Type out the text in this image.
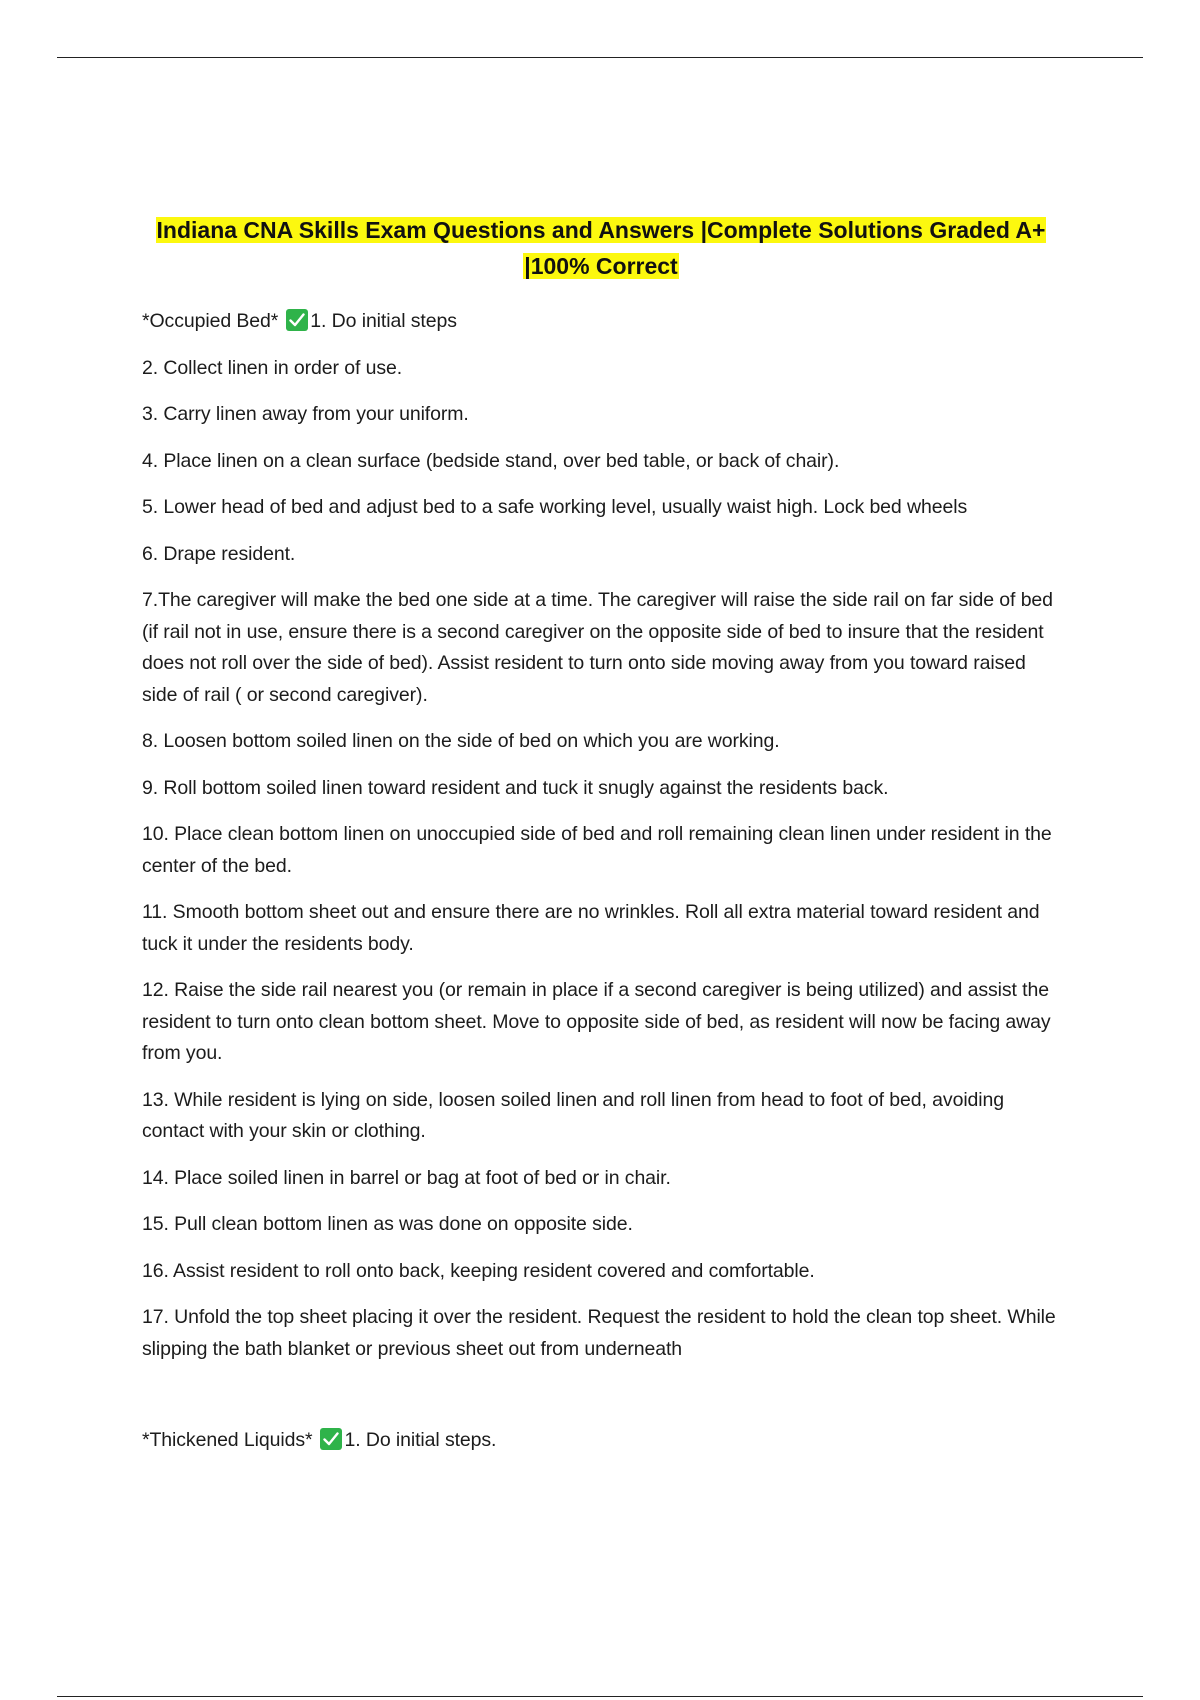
Indiana CNA Skills Exam Questions and Answers |Complete Solutions Graded A+
|100% Correct

*Occupied Bed* 1. Do initial steps

2. Collect linen in order of use.

3. Carry linen away from your uniform.

4. Place linen on a clean surface (bedside stand, over bed table, or back of chair).

5. Lower head of bed and adjust bed to a safe working level, usually waist high. Lock bed wheels

6. Drape resident.

7.The caregiver will make the bed one side at a time. The caregiver will raise the side rail on far side of bed (if rail not in use, ensure there is a second caregiver on the opposite side of bed to insure that the resident does not roll over the side of bed). Assist resident to turn onto side moving away from you toward raised side of rail ( or second caregiver).

8. Loosen bottom soiled linen on the side of bed on which you are working.

9. Roll bottom soiled linen toward resident and tuck it snugly against the residents back.

10. Place clean bottom linen on unoccupied side of bed and roll remaining clean linen under resident in the center of the bed.

11. Smooth bottom sheet out and ensure there are no wrinkles. Roll all extra material toward resident and tuck it under the residents body.

12. Raise the side rail nearest you (or remain in place if a second caregiver is being utilized) and assist the resident to turn onto clean bottom sheet. Move to opposite side of bed, as resident will now be facing away from you.

13. While resident is lying on side, loosen soiled linen and roll linen from head to foot of bed, avoiding contact with your skin or clothing.

14. Place soiled linen in barrel or bag at foot of bed or in chair.

15. Pull clean bottom linen as was done on opposite side.

16. Assist resident to roll onto back, keeping resident covered and comfortable.

17. Unfold the top sheet placing it over the resident. Request the resident to hold the clean top sheet. While slipping the bath blanket or previous sheet out from underneath

*Thickened Liquids* 1. Do initial steps.
